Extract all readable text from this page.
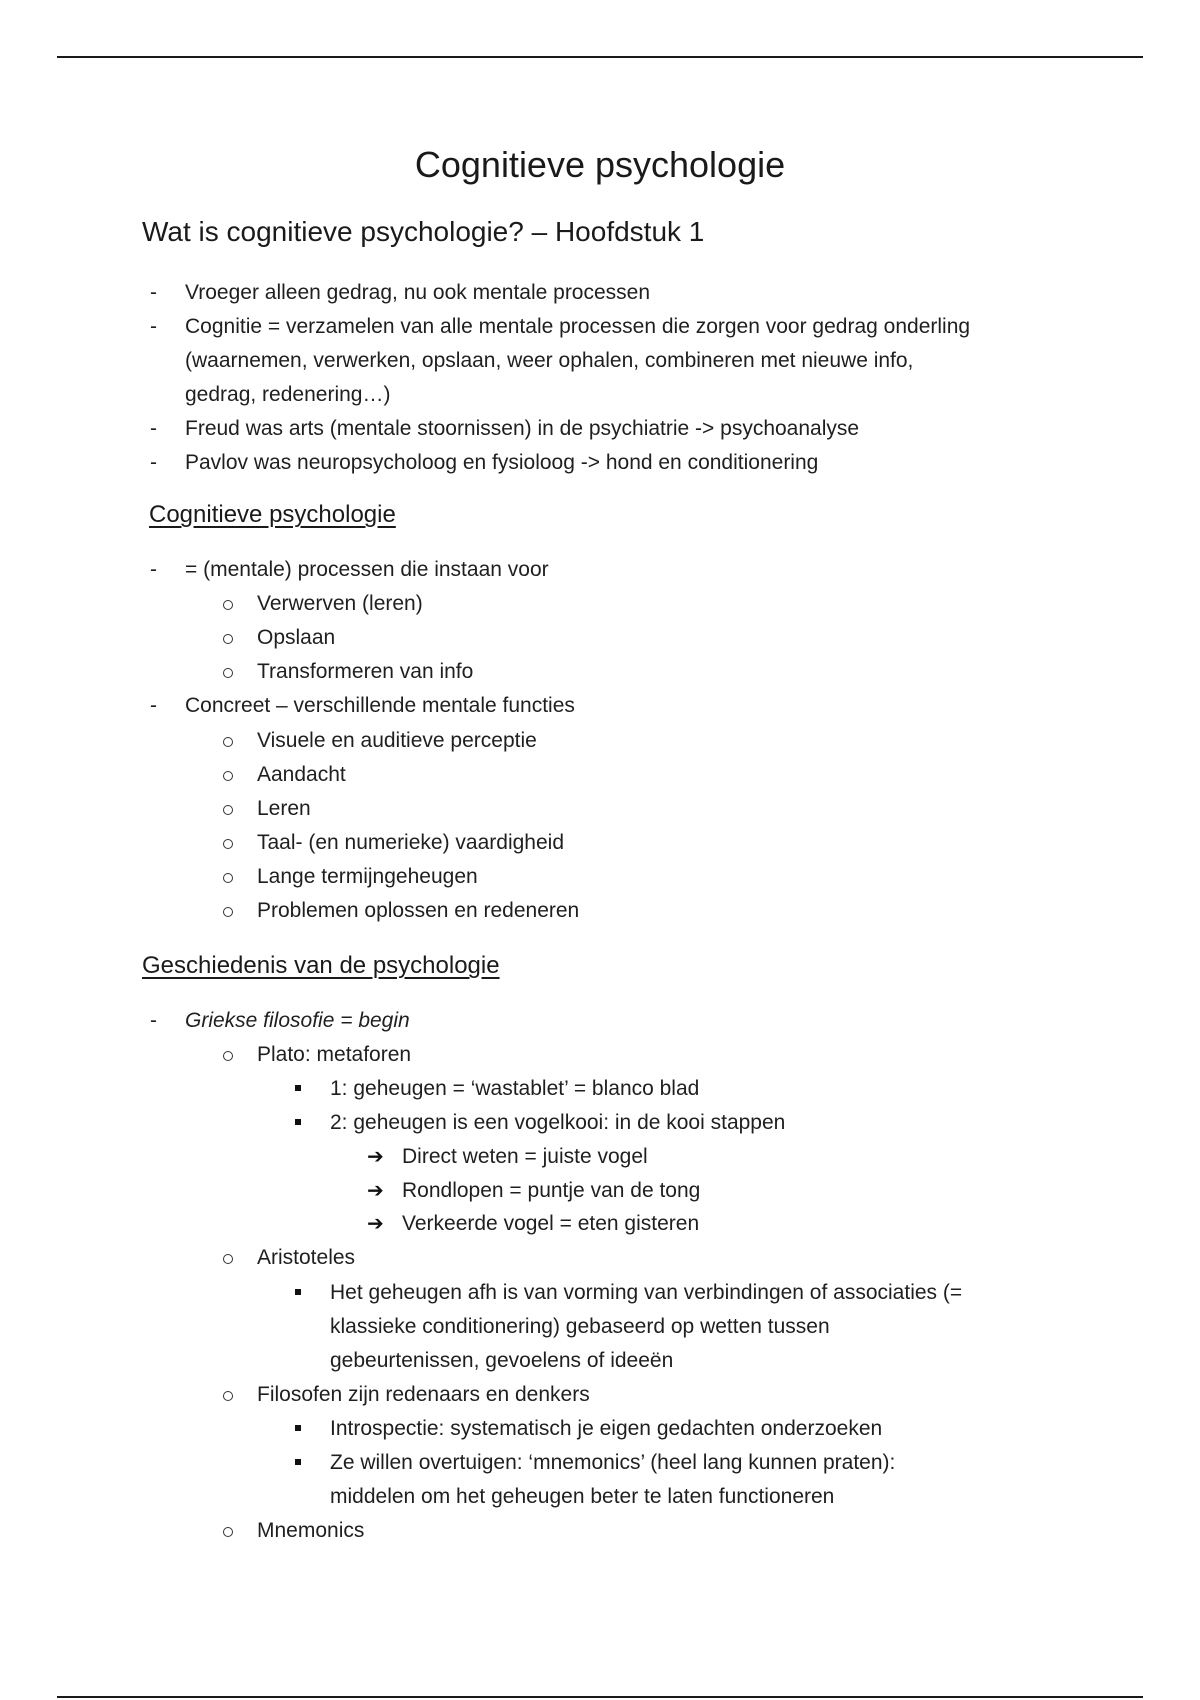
Cognitieve psychologie
Wat is cognitieve psychologie? – Hoofdstuk 1
- Vroeger alleen gedrag, nu ook mentale processen
- Cognitie = verzamelen van alle mentale processen die zorgen voor gedrag onderling
(waarnemen, verwerken, opslaan, weer ophalen, combineren met nieuwe info,
gedrag, redenering…)
- Freud was arts (mentale stoornissen) in de psychiatrie -> psychoanalyse
- Pavlov was neuropsycholoog en fysioloog -> hond en conditionering
Cognitieve psychologie
- = (mentale) processen die instaan voor
Verwerven (leren)
Opslaan
Transformeren van info
- Concreet – verschillende mentale functies
Visuele en auditieve perceptie
Aandacht
Leren
Taal- (en numerieke) vaardigheid
Lange termijngeheugen
Problemen oplossen en redeneren
Geschiedenis van de psychologie
- Griekse filosofie = begin
Plato: metaforen
1: geheugen = ‘wastablet’ = blanco blad
2: geheugen is een vogelkooi: in de kooi stappen
➔ Direct weten = juiste vogel
➔ Rondlopen = puntje van de tong
➔ Verkeerde vogel = eten gisteren
Aristoteles
Het geheugen afh is van vorming van verbindingen of associaties (=
klassieke conditionering) gebaseerd op wetten tussen
gebeurtenissen, gevoelens of ideeën
Filosofen zijn redenaars en denkers
Introspectie: systematisch je eigen gedachten onderzoeken
Ze willen overtuigen: ‘mnemonics’ (heel lang kunnen praten):
middelen om het geheugen beter te laten functioneren
Mnemonics
